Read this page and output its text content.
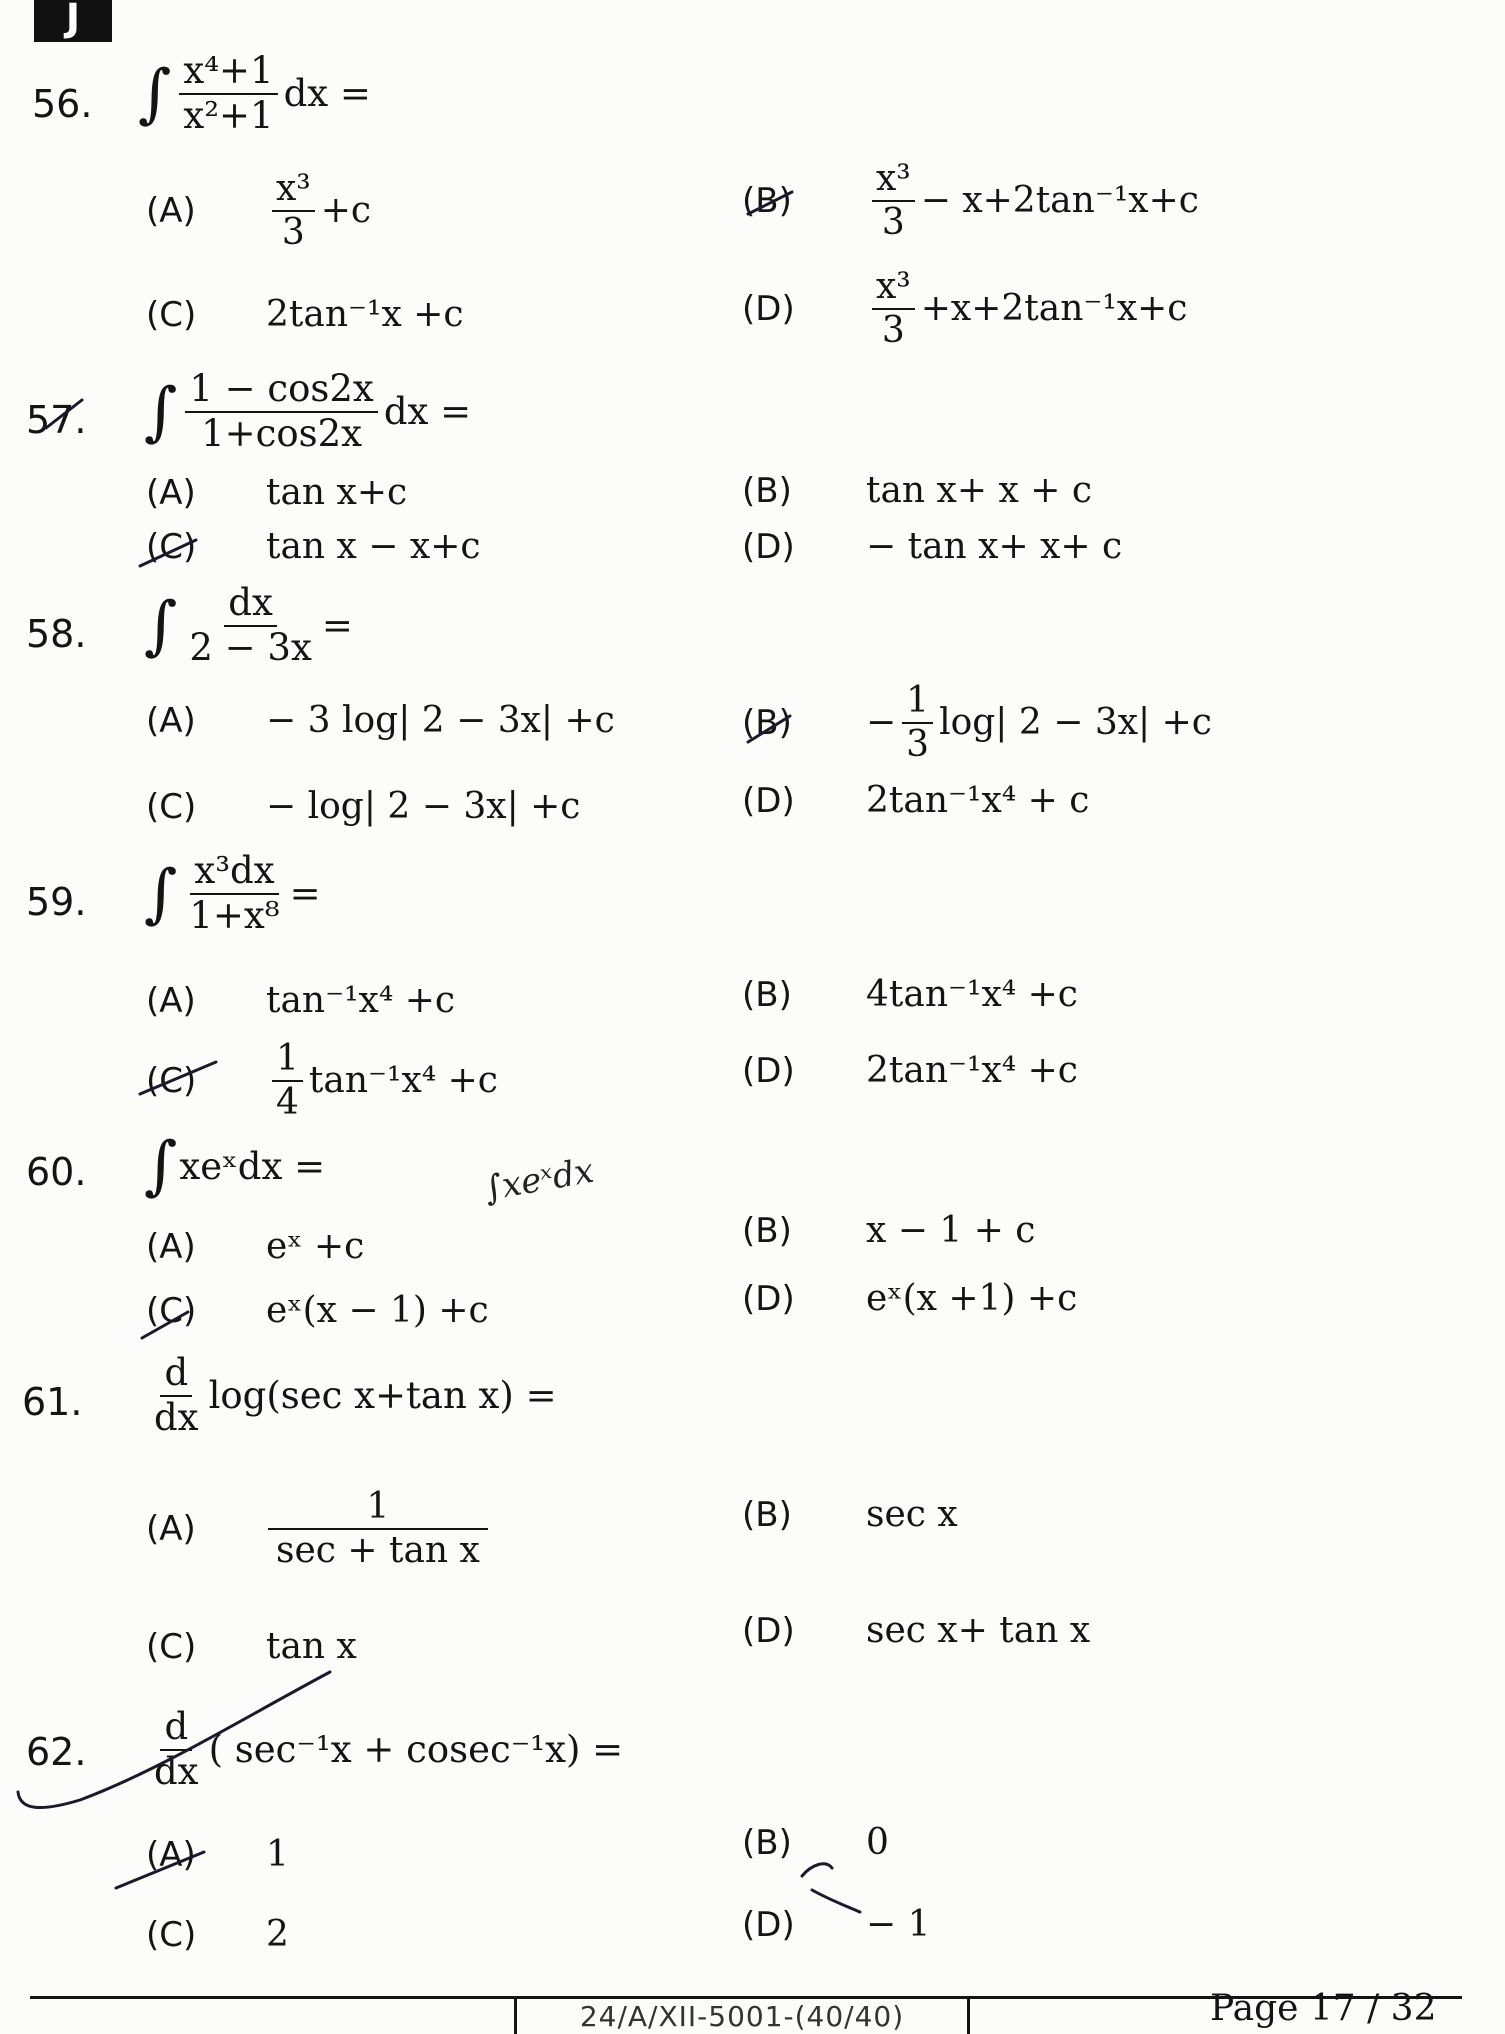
J
56. ∫ $\frac{\text{x⁴+1}}{\text{x²+1}}$ dx =
(A)	$\frac{\text{x³}}{3} +c$	(B)	$\frac{\text{x³}}{3} - x+2\tan^{-1}x+c$
(C)	2tan⁻¹x +c	(D)	$\frac{\text{x³}}{3} +x+2\tan^{-1}x+c$
57. ∫ $\frac{1 - \cos 2x}{1+\cos 2x}$ dx =
(A)	tan x+c	(B)	tan x+ x + c
(C)	tan x − x+c	(D)	− tan x+ x+ c
58. ∫ $\frac{dx}{2 - 3x}$ =
(A)	− 3 log| 2 − 3x| +c	(B)	− $\frac{1}{3} \log|$ 2 − 3x| +c
(C)	− log| 2 − 3x| +c	(D)	2tan⁻¹x⁴ + c
59. ∫ $\frac{\text{x³dx}}{\text{1+x⁸}}$ =
(A)	tan⁻¹x⁴ +c	(B)	4tan⁻¹x⁴ +c
(C)	$\frac{1}{4} \tan^{-1}x^4 +c$	(D)	2tan⁻¹x⁴ +c
60. ∫ xeˣdx =	∫xeˣdx
(A)	eˣ +c	(B)	x − 1 + c
(C)	eˣ(x − 1) +c	(D)	eˣ(x +1) +c
61. $\frac{d}{dx} \log(\sec$ x+tan x) =
(A)	$\frac{1}{\text{sec + tan x}}$	(B)	sec x
(C)	tan x	(D)	sec x+ tan x
62. $\frac{d}{dx}$ ( sec⁻¹x + cosec⁻¹x) =
(A)	1	(B)	0
(C)	2	(D)	− 1
24/A/XII-5001-(40/40)	Page 17 / 32
